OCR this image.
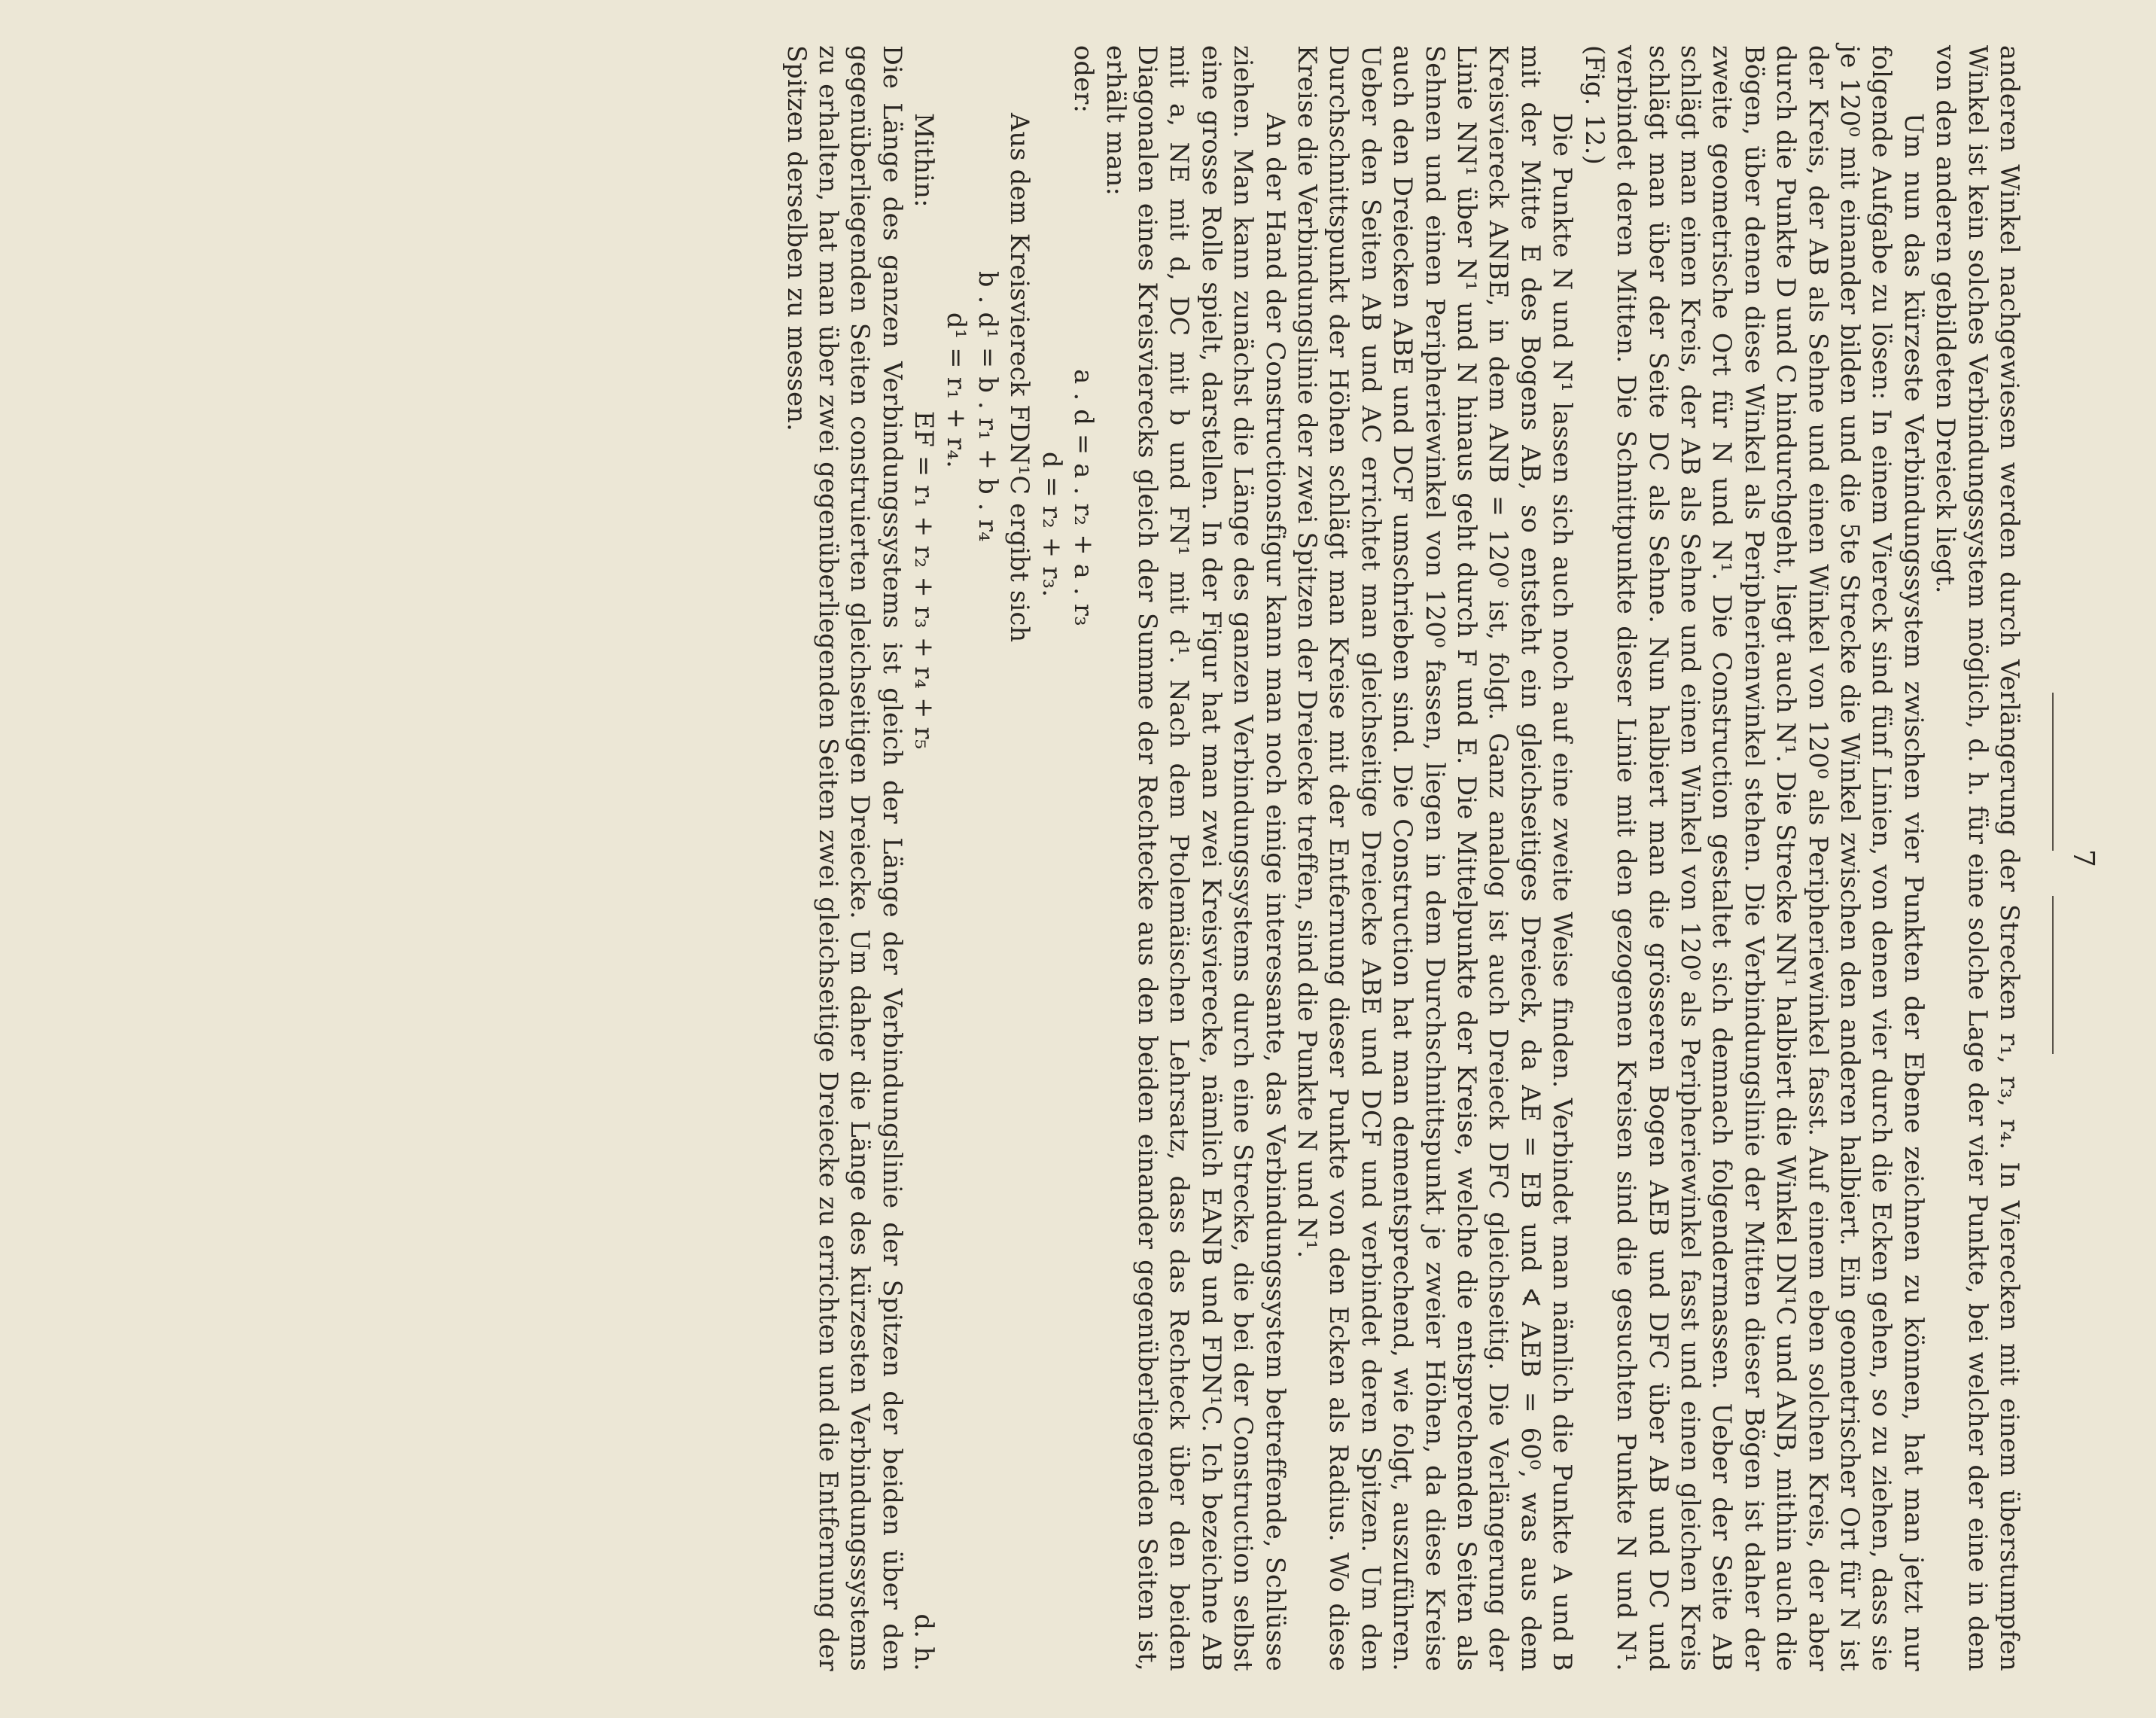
7

anderen Winkel nachgewiesen werden durch Verlängerung der Strecken r₁, r₃, r₄. In Vierecken mit einem überstumpfen Winkel ist kein solches Verbindungssystem möglich, d. h. für eine solche Lage der vier Punkte, bei welcher der eine in dem von den anderen gebildeten Dreieck liegt.

Um nun das kürzeste Verbindungssystem zwischen vier Punkten der Ebene zeichnen zu können, hat man jetzt nur folgende Aufgabe zu lösen: In einem Viereck sind fünf Linien, von denen vier durch die Ecken gehen, so zu ziehen, dass sie je 120⁰ mit einander bilden und die 5te Strecke die Winkel zwischen den anderen halbiert. Ein geometrischer Ort für N ist der Kreis, der AB als Sehne und einen Winkel von 120⁰ als Peripheriewinkel fasst. Auf einem eben solchen Kreis, der aber durch die Punkte D und C hindurchgeht, liegt auch N¹. Die Strecke NN¹ halbiert die Winkel DN¹C und ANB, mithin auch die Bögen, über denen diese Winkel als Peripherienwinkel stehen. Die Verbindungslinie der Mitten dieser Bögen ist daher der zweite geometrische Ort für N und N¹. Die Construction gestaltet sich demnach folgendermassen. Ueber der Seite AB schlägt man einen Kreis, der AB als Sehne und einen Winkel von 120⁰ als Peripheriewinkel fasst und einen gleichen Kreis schlägt man über der Seite DC als Sehne. Nun halbiert man die grösseren Bogen AEB und DFC über AB und DC und verbindet deren Mitten. Die Schnittpunkte dieser Linie mit den gezogenen Kreisen sind die gesuchten Punkte N und N¹. (Fig. 12.)

Die Punkte N und N¹ lassen sich auch noch auf eine zweite Weise finden. Verbindet man nämlich die Punkte A und B mit der Mitte E des Bogens AB, so entsteht ein gleichseitiges Dreieck, da AE = EB und ∢ AEB = 60⁰, was aus dem Kreisviereck ANBE, in dem ANB = 120⁰ ist, folgt. Ganz analog ist auch Dreieck DFC gleichseitig. Die Verlängerung der Linie NN¹ über N¹ und N hinaus geht durch F und E. Die Mittelpunkte der Kreise, welche die entsprechenden Seiten als Sehnen und einen Peripheriewinkel von 120⁰ fassen, liegen in dem Durchschnittspunkt je zweier Höhen, da diese Kreise auch den Dreiecken ABE und DCF umschrieben sind. Die Construction hat man dementsprechend, wie folgt, auszuführen. Ueber den Seiten AB und AC errichtet man gleichseitige Dreiecke ABE und DCF und verbindet deren Spitzen. Um den Durchschnittspunkt der Höhen schlägt man Kreise mit der Entfernung dieser Punkte von den Ecken als Radius. Wo diese Kreise die Verbindungslinie der zwei Spitzen der Dreiecke treffen, sind die Punkte N und N¹.

An der Hand der Constructionsfigur kann man noch einige interessante, das Verbindungssystem betreffende, Schlüsse ziehen. Man kann zunächst die Länge des ganzen Verbindungssystems durch eine Strecke, die bei der Construction selbst eine grosse Rolle spielt, darstellen. In der Figur hat man zwei Kreisvierecke, nämlich EANB und FDN¹C. Ich bezeichne AB mit a, NE mit d, DC mit b und FN¹ mit d¹. Nach dem Ptolemäischen Lehrsatz, dass das Rechteck über den beiden Diagonalen eines Kreisvierecks gleich der Summe der Rechtecke aus den beiden einander gegenüberliegenden Seiten ist, erhält man:

oder:
a . d = a . r₂ + a . r₃

d = r₂ + r₃.

Aus dem Kreisviereck FDN¹C ergibt sich

b . d¹ = b . r₁ + b . r₄

d¹ = r₁ + r₄.

Mithin:
EF = r₁ + r₂ + r₃ + r₄ + r₅
d. h.

Die Länge des ganzen Verbindungssystems ist gleich der Länge der Verbindungslinie der Spitzen der beiden über den gegenüberliegenden Seiten construierten gleichseitigen Dreiecke. Um daher die Länge des kürzesten Verbindungssystems zu erhalten, hat man über zwei gegenüberliegenden Seiten zwei gleichseitige Dreiecke zu errichten und die Entfernung der Spitzen derselben zu messen.
